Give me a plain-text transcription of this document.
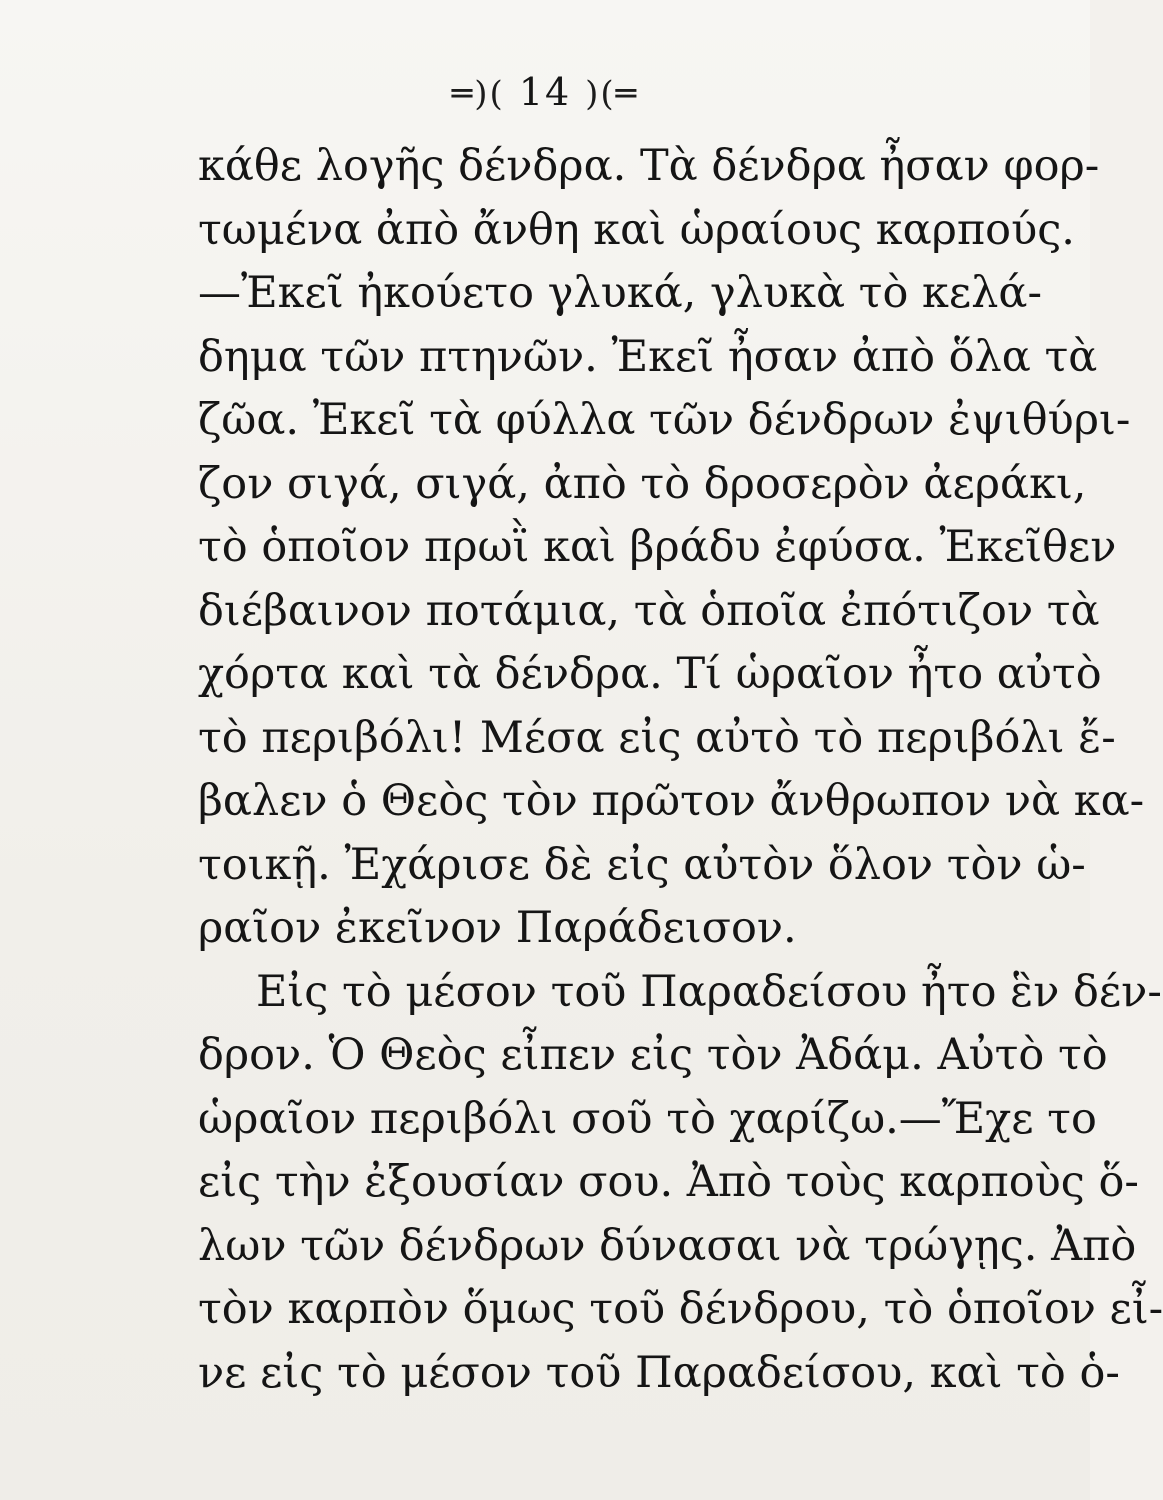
═)( 14 )(═
κάθε λογῆς δένδρα. Τὰ δένδρα ἦσαν φορ-
τωμένα ἀπὸ ἄνθη καὶ ὡραίους καρπούς.
—Ἐκεῖ ἠκούετο γλυκά, γλυκὰ τὸ κελά-
δημα τῶν πτηνῶν. Ἐκεῖ ἦσαν ἀπὸ ὅλα τὰ
ζῶα. Ἐκεῖ τὰ φύλλα τῶν δένδρων ἐψιθύρι-
ζον σιγά, σιγά, ἀπὸ τὸ δροσερὸν ἀεράκι,
τὸ ὁποῖον πρωῒ καὶ βράδυ ἐφύσα. Ἐκεῖθεν
διέβαινον ποτάμια, τὰ ὁποῖα ἐπότιζον τὰ
χόρτα καὶ τὰ δένδρα. Τί ὡραῖον ἦτο αὐτὸ
τὸ περιβόλι! Μέσα εἰς αὐτὸ τὸ περιβόλι ἔ-
βαλεν ὁ Θεὸς τὸν πρῶτον ἄνθρωπον νὰ κα-
τοικῇ. Ἐχάρισε δὲ εἰς αὐτὸν ὅλον τὸν ὡ-
ραῖον ἐκεῖνον Παράδεισον.
Εἰς τὸ μέσον τοῦ Παραδείσου ἦτο ἓν δέν-
δρον. Ὁ Θεὸς εἶπεν εἰς τὸν Ἀδάμ. Αὐτὸ τὸ
ὡραῖον περιβόλι σοῦ τὸ χαρίζω.—Ἔχε το
εἰς τὴν ἐξουσίαν σου. Ἀπὸ τοὺς καρποὺς ὅ-
λων τῶν δένδρων δύνασαι νὰ τρώγῃς. Ἀπὸ
τὸν καρπὸν ὅμως τοῦ δένδρου, τὸ ὁποῖον εἶ-
νε εἰς τὸ μέσον τοῦ Παραδείσου, καὶ τὸ ὁ-
